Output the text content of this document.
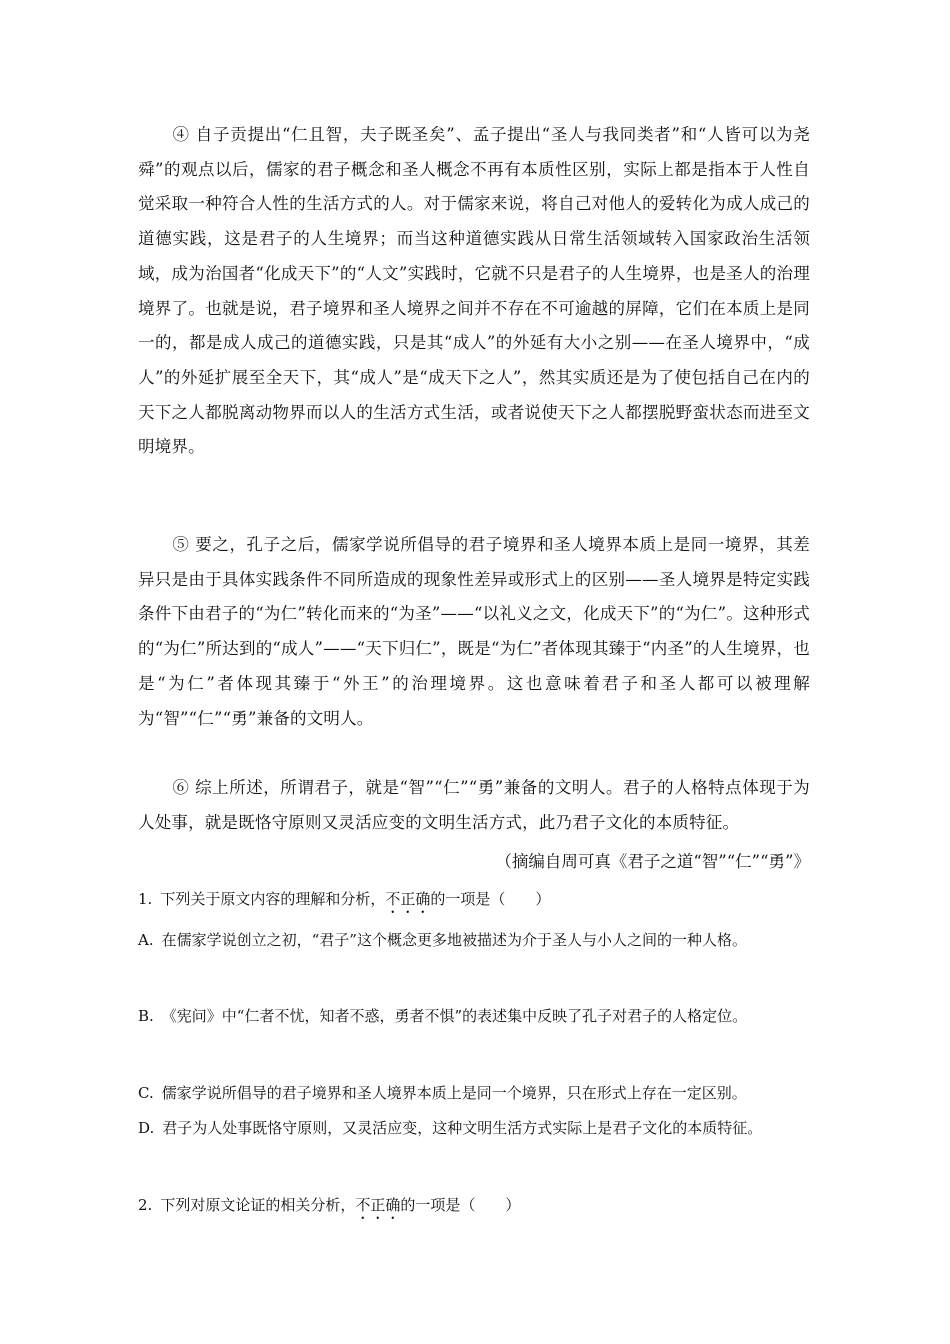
④ 自子贡提出“仁且智，夫子既圣矣”、孟子提出“圣人与我同类者”和“人皆可以为尧舜”的观点以后，儒家的君子概念和圣人概念不再有本质性区别，实际上都是指本于人性自觉采取一种符合人性的生活方式的人。对于儒家来说，将自己对他人的爱转化为成人成己的道德实践，这是君子的人生境界；而当这种道德实践从日常生活领域转入国家政治生活领域，成为治国者“化成天下”的“人文”实践时，它就不只是君子的人生境界，也是圣人的治理境界了。也就是说，君子境界和圣人境界之间并不存在不可逾越的屏障，它们在本质上是同一的，都是成人成己的道德实践，只是其“成人”的外延有大小之别——在圣人境界中，“成人”的外延扩展至全天下，其“成人”是“成天下之人”，然其实质还是为了使包括自己在内的天下之人都脱离动物界而以人的生活方式生活，或者说使天下之人都摆脱野蛮状态而进至文明境界。
⑤ 要之，孔子之后，儒家学说所倡导的君子境界和圣人境界本质上是同一境界，其差异只是由于具体实践条件不同所造成的现象性差异或形式上的区别——圣人境界是特定实践条件下由君子的“为仁”转化而来的“为圣”——“以礼义之文，化成天下”的“为仁”。这种形式的“为仁”所达到的“成人”——“天下归仁”，既是“为仁”者体现其臻于“内圣”的人生境界，也是“为仁”者体现其臻于“外王”的治理境界。这也意味着君子和圣人都可以被理解为“智”“仁”“勇”兼备的文明人。
⑥ 综上所述，所谓君子，就是“智”“仁”“勇”兼备的文明人。君子的人格特点体现于为人处事，就是既恪守原则又灵活应变的文明生活方式，此乃君子文化的本质特征。
（摘编自周可真《君子之道“智”“仁”“勇”》
1. 下列关于原文内容的理解和分析，不正确的一项是（　　）
A. 在儒家学说创立之初，“君子”这个概念更多地被描述为介于圣人与小人之间的一种人格。
B. 《宪问》中“仁者不忧，知者不惑，勇者不惧”的表述集中反映了孔子对君子的人格定位。
C. 儒家学说所倡导的君子境界和圣人境界本质上是同一个境界，只在形式上存在一定区别。
D. 君子为人处事既恪守原则，又灵活应变，这种文明生活方式实际上是君子文化的本质特征。
2. 下列对原文论证的相关分析，不正确的一项是（　　）
